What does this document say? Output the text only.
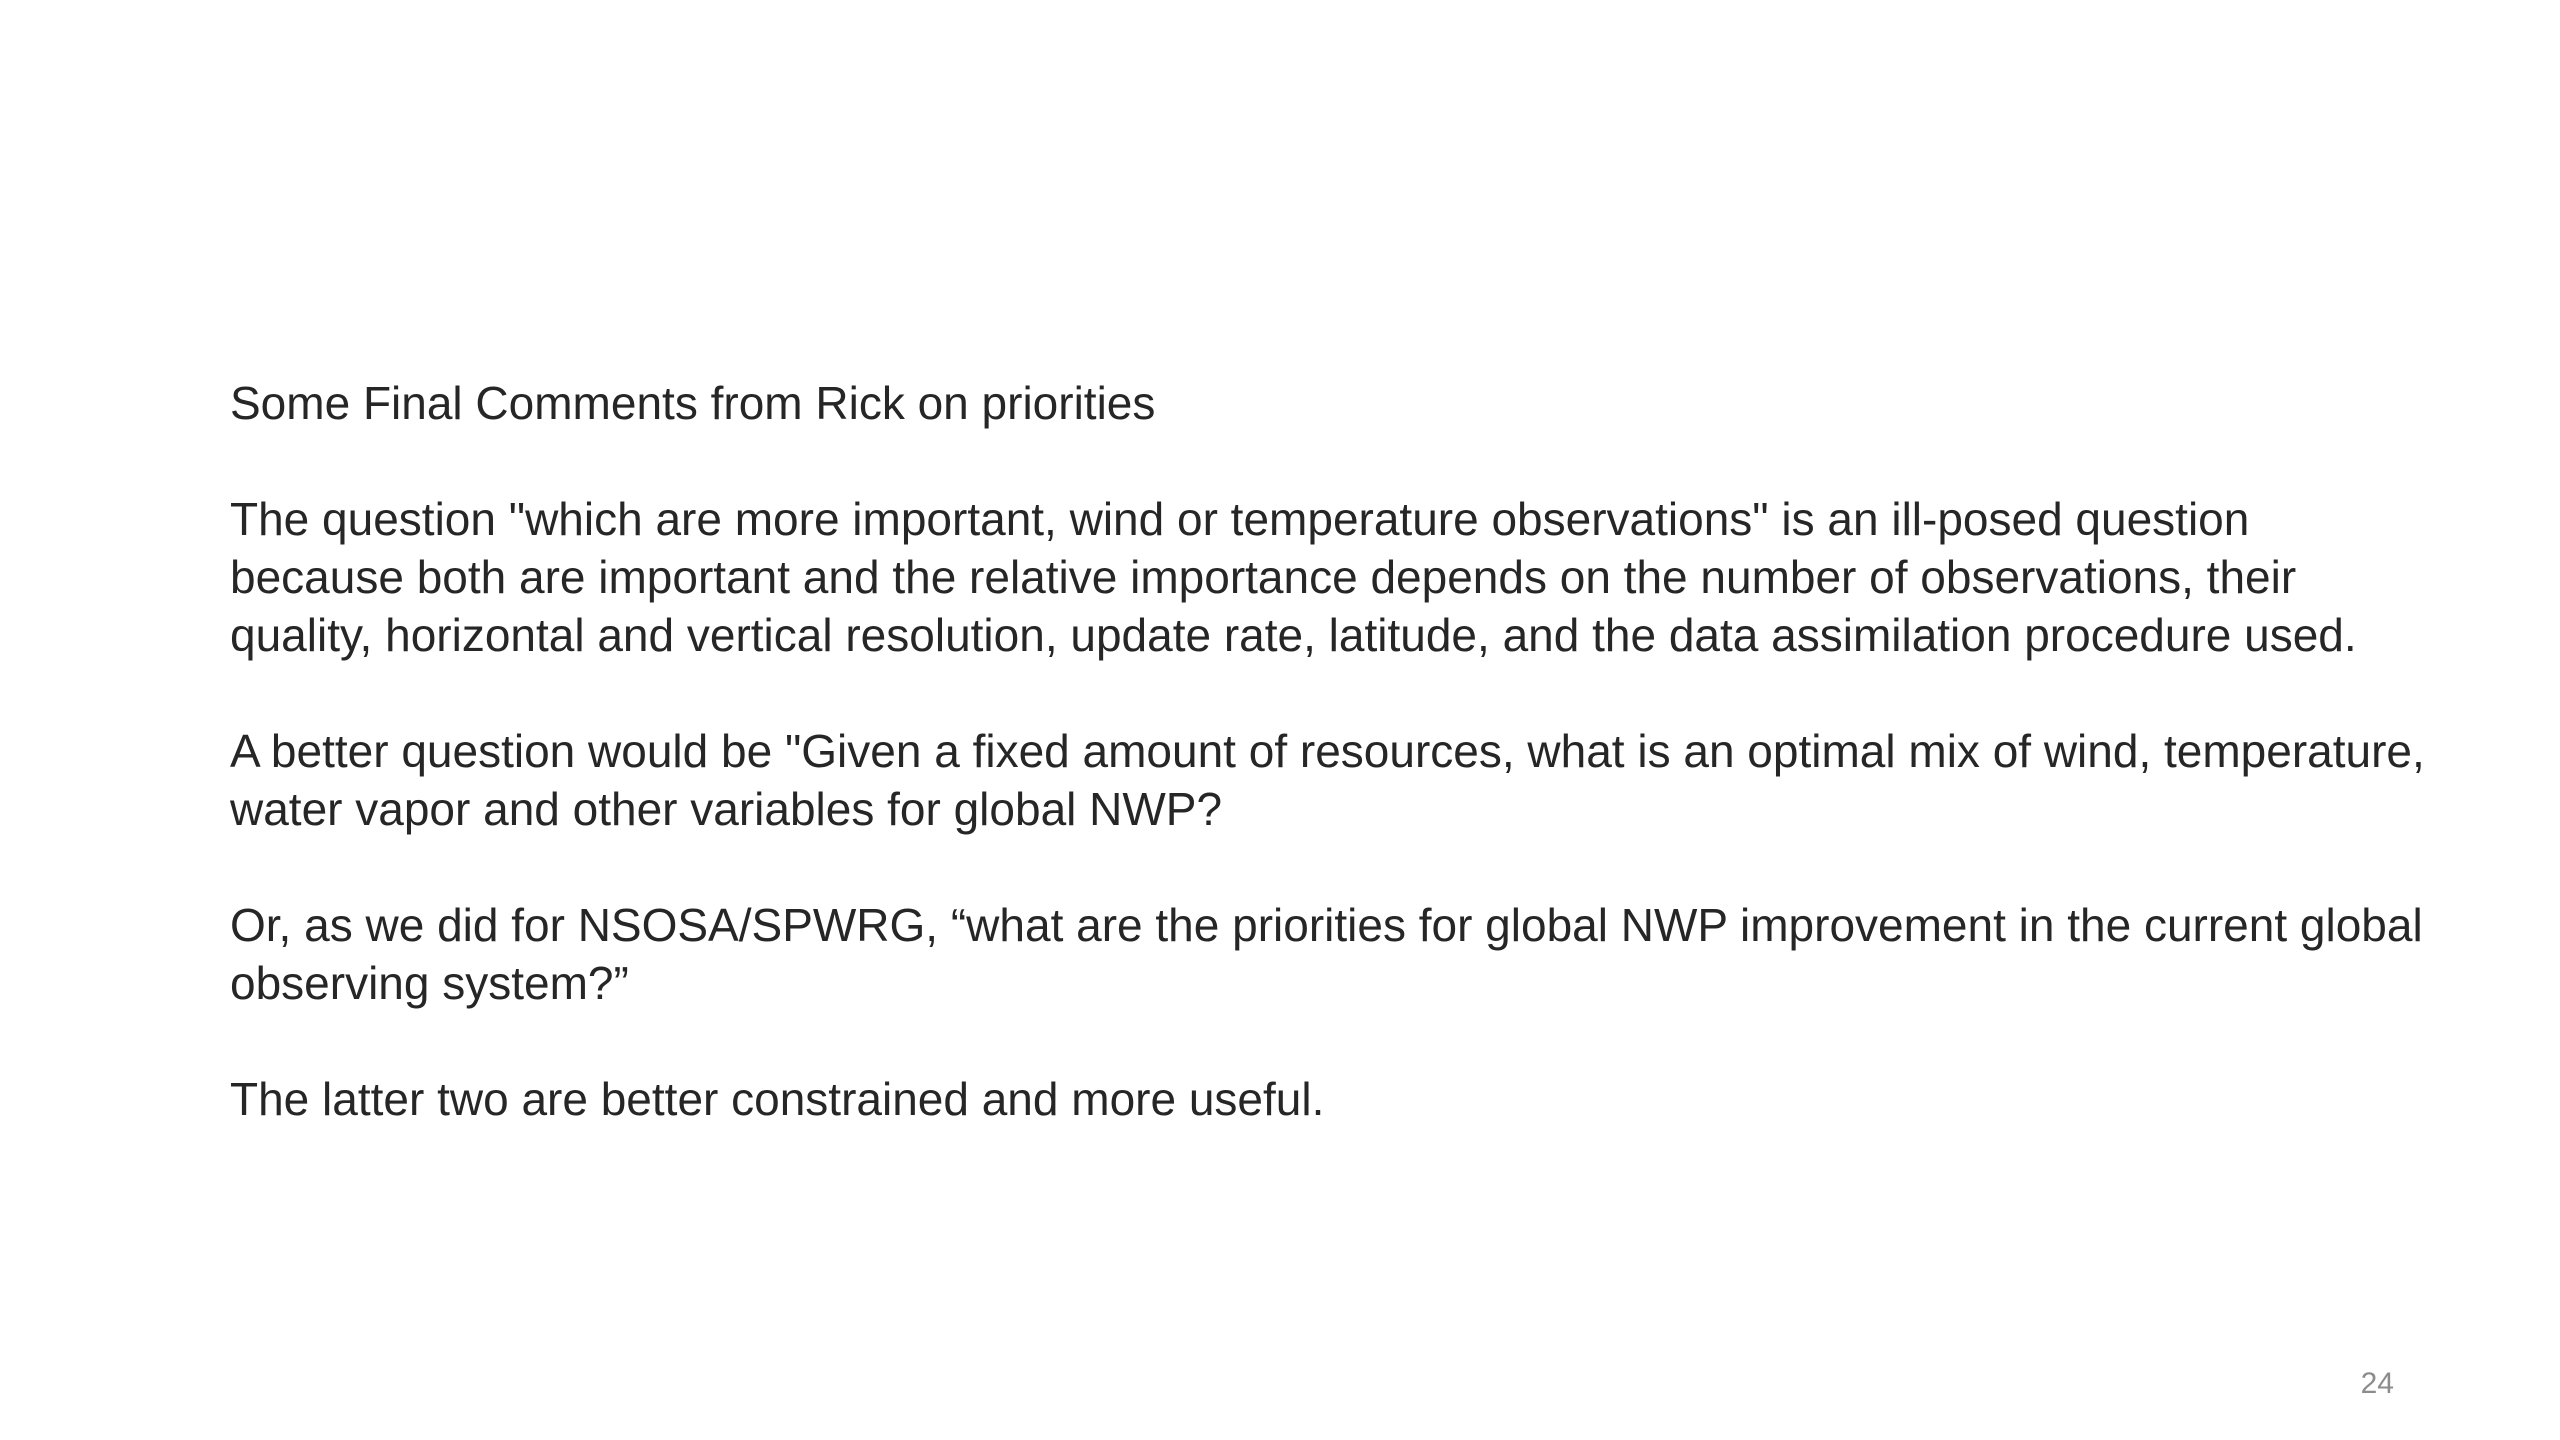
Some Final Comments from Rick on priorities

The question "which are more important, wind or temperature observations" is an ill-posed question because both are important and the relative importance depends on the number of observations, their quality, horizontal and vertical resolution, update rate, latitude, and the data assimilation procedure used.

A better question would be "Given a fixed amount of resources, what is an optimal mix of wind, temperature, water vapor and other variables for global NWP?

Or, as we did for NSOSA/SPWRG, “what are the priorities for global NWP improvement in the current global observing system?”

The latter two are better constrained and more useful.

24
